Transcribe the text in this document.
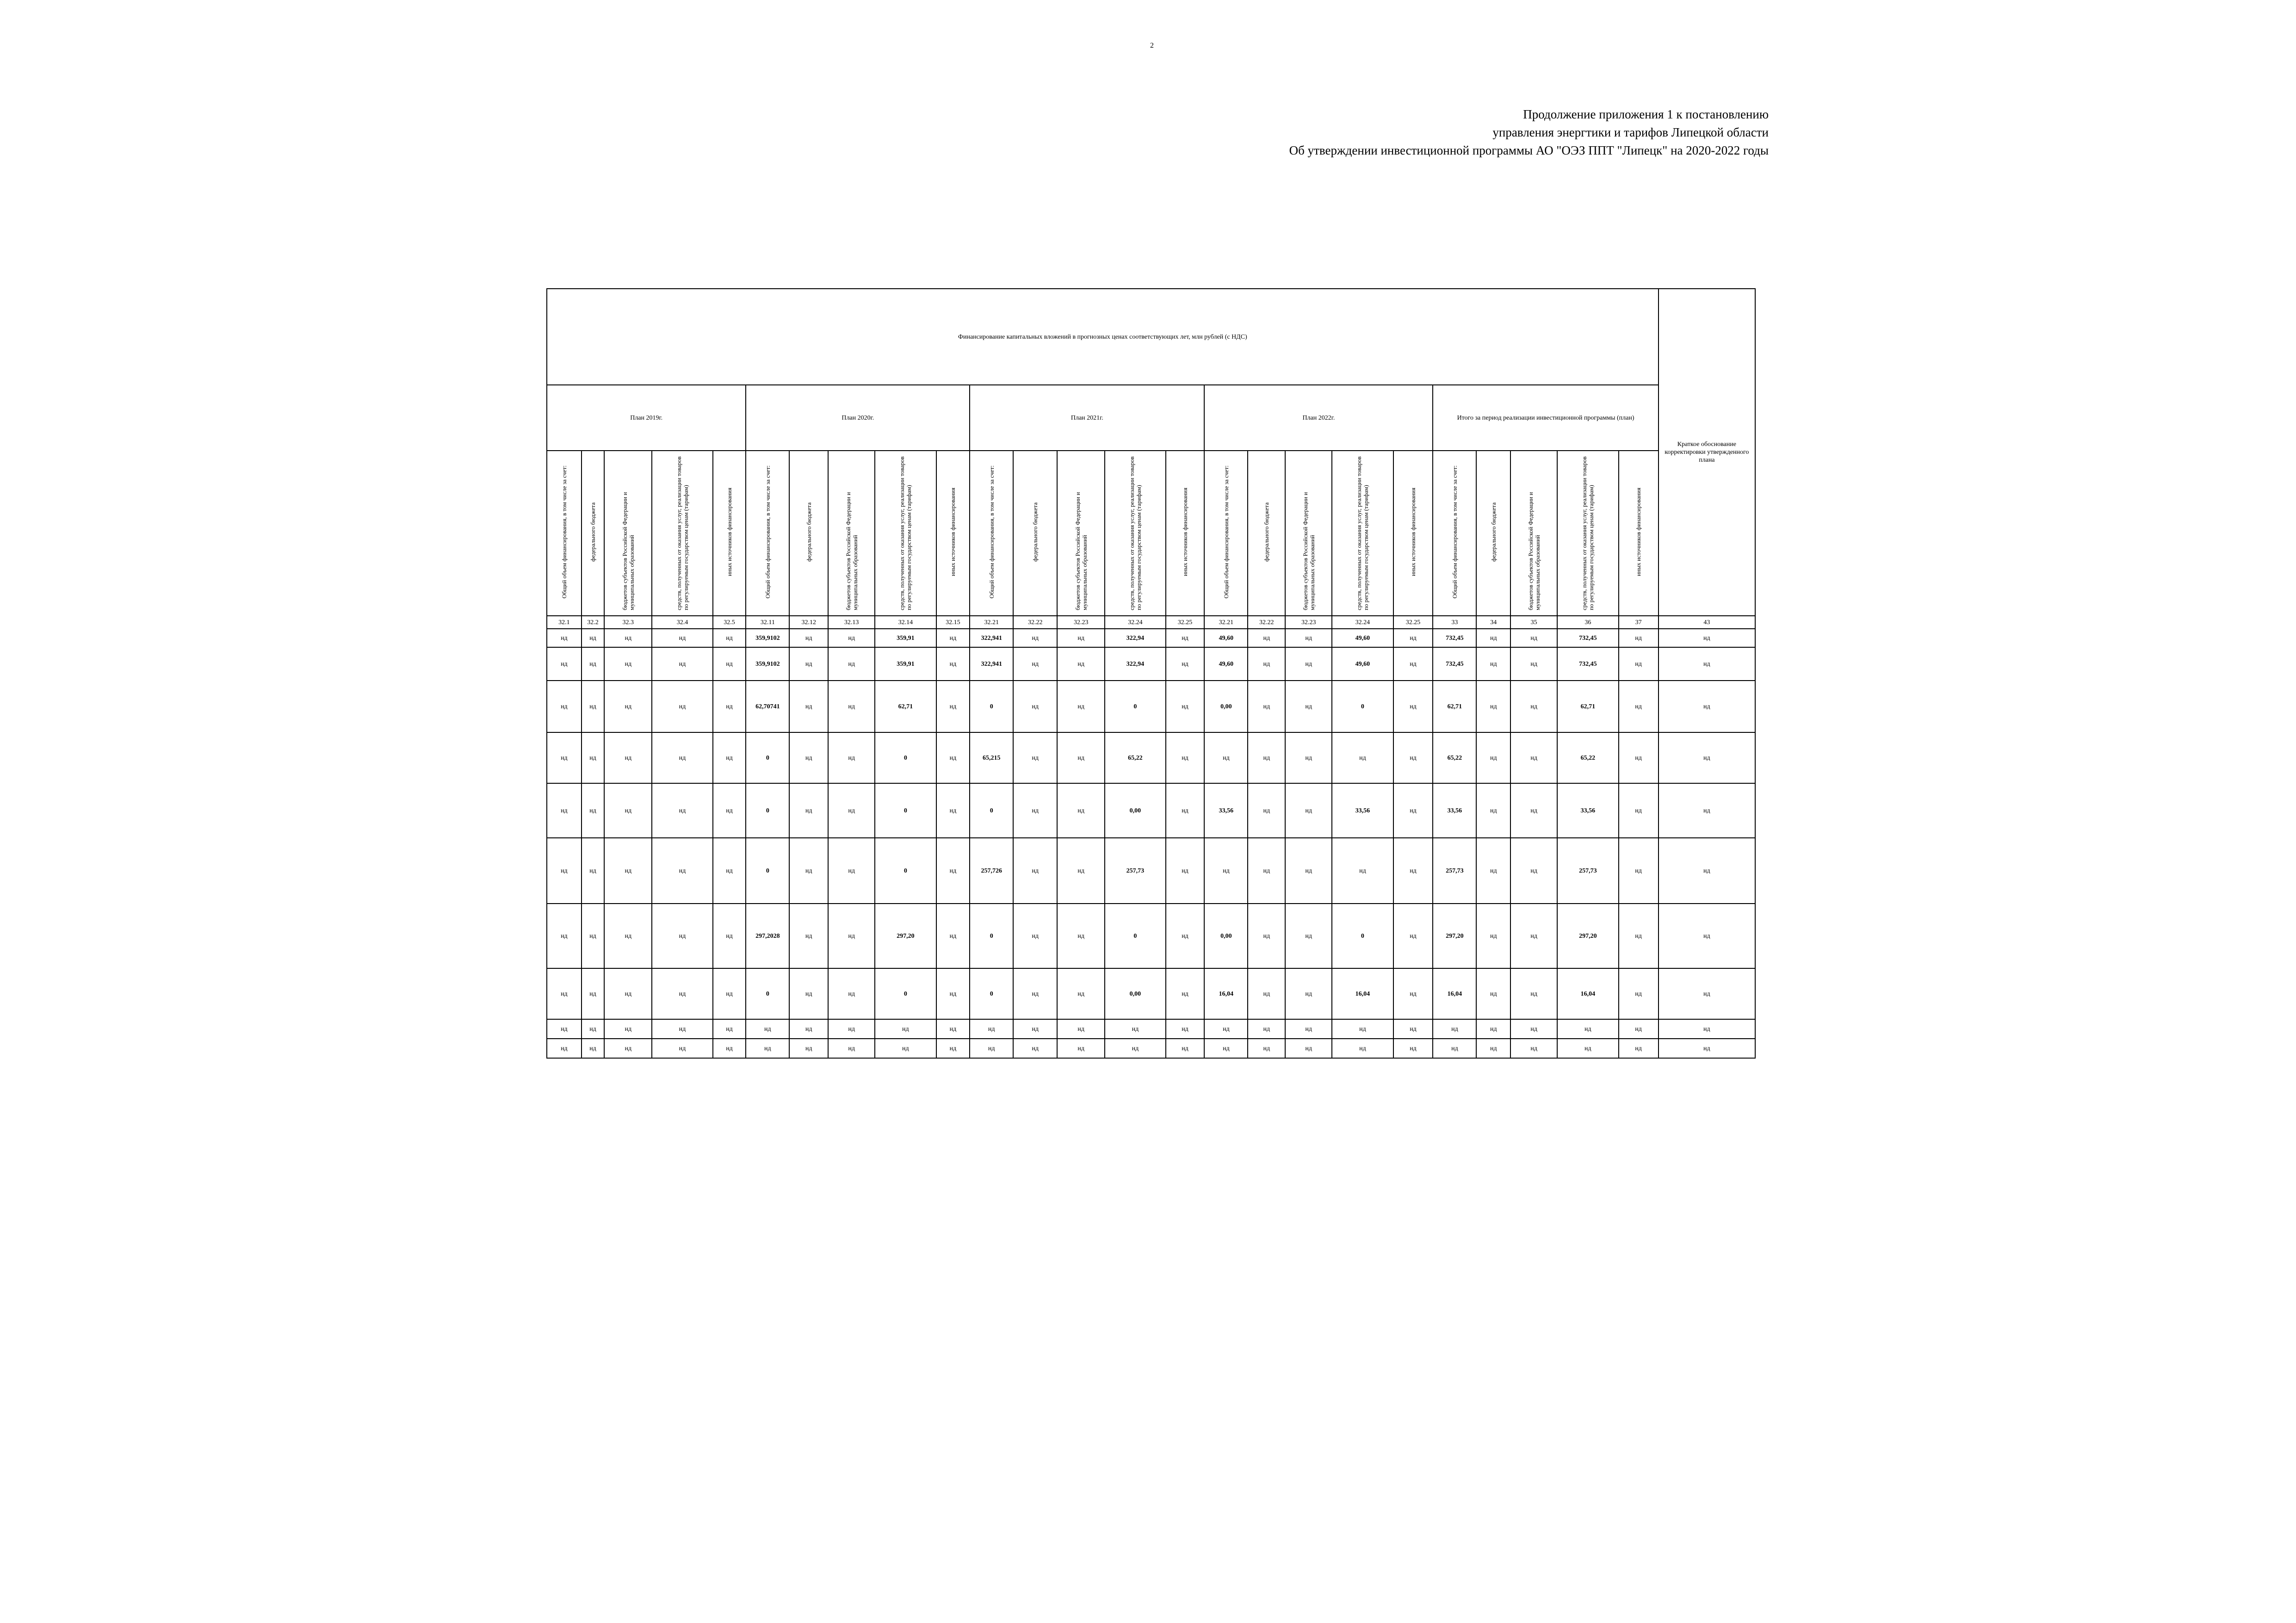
2
Продолжение приложения 1 к постановлению
управления энергтики и тарифов Липецкой области
Об утверждении инвестиционной программы АО "ОЭЗ ППТ "Липецк" на 2020-2022 годы
Финансирование капитальных вложений в прогнозных ценах соответствующих лет, млн рублей (с НДС)																									Краткое обоснование корректировки утвержденного плана
План 2019г.					План 2020г.					План 2021г.					План 2022г.					Итого за период реализации инвестиционной программы (план)					
Общий объем финансирования, в том числе за счет:	федерального бюджета	бюджетов субъектов Российской Федерации и муниципальных образований	средств, полученных от оказания услуг, реализации товаров по регулируемым государством ценам (тарифам)	иных источников финансирования	Общий объем финансирования, в том числе за счет:	федерального бюджета	бюджетов субъектов Российской Федерации и муниципальных образований	средств, полученных от оказания услуг, реализации товаров по регулируемым государством ценам (тарифам)	иных источников финансирования	Общий объем финансирования, в том числе за счет:	федерального бюджета	бюджетов субъектов Российской Федерации и муниципальных образований	средств, полученных от оказания услуг, реализации товаров по регулируемым государством ценам (тарифам)	иных источников финансирования	Общий объем финансирования, в том числе за счет:	федерального бюджета	бюджетов субъектов Российской Федерации и муниципальных образований	средств, полученных от оказания услуг, реализации товаров по регулируемым государством ценам (тарифам)	иных источников финансирования	Общий объем финансирования, в том числе за счет:	федерального бюджета	бюджетов субъектов Российской Федерации и муниципальных образований	средств, полученных от оказания услуг, реализации товаров по регулируемым государством ценам (тарифам)	иных источников финансирования	
32.1	32.2	32.3	32.4	32.5	32.11	32.12	32.13	32.14	32.15	32.21	32.22	32.23	32.24	32.25	32.21	32.22	32.23	32.24	32.25	33	34	35	36	37	43
нд	нд	нд	нд	нд	359,9102	нд	нд	359,91	нд	322,941	нд	нд	322,94	нд	49,60	нд	нд	49,60	нд	732,45	нд	нд	732,45	нд	нд
нд	нд	нд	нд	нд	359,9102	нд	нд	359,91	нд	322,941	нд	нд	322,94	нд	49,60	нд	нд	49,60	нд	732,45	нд	нд	732,45	нд	нд
нд	нд	нд	нд	нд	62,70741	нд	нд	62,71	нд	0	нд	нд	0	нд	0,00	нд	нд	0	нд	62,71	нд	нд	62,71	нд	нд
нд	нд	нд	нд	нд	0	нд	нд	0	нд	65,215	нд	нд	65,22	нд	нд	нд	нд	нд	нд	65,22	нд	нд	65,22	нд	нд
нд	нд	нд	нд	нд	0	нд	нд	0	нд	0	нд	нд	0,00	нд	33,56	нд	нд	33,56	нд	33,56	нд	нд	33,56	нд	нд
нд	нд	нд	нд	нд	0	нд	нд	0	нд	257,726	нд	нд	257,73	нд	нд	нд	нд	нд	нд	257,73	нд	нд	257,73	нд	нд
нд	нд	нд	нд	нд	297,2028	нд	нд	297,20	нд	0	нд	нд	0	нд	0,00	нд	нд	0	нд	297,20	нд	нд	297,20	нд	нд
нд	нд	нд	нд	нд	0	нд	нд	0	нд	0	нд	нд	0,00	нд	16,04	нд	нд	16,04	нд	16,04	нд	нд	16,04	нд	нд
нд	нд	нд	нд	нд	нд	нд	нд	нд	нд	нд	нд	нд	нд	нд	нд	нд	нд	нд	нд	нд	нд	нд	нд	нд	нд
нд	нд	нд	нд	нд	нд	нд	нд	нд	нд	нд	нд	нд	нд	нд	нд	нд	нд	нд	нд	нд	нд	нд	нд	нд	нд
